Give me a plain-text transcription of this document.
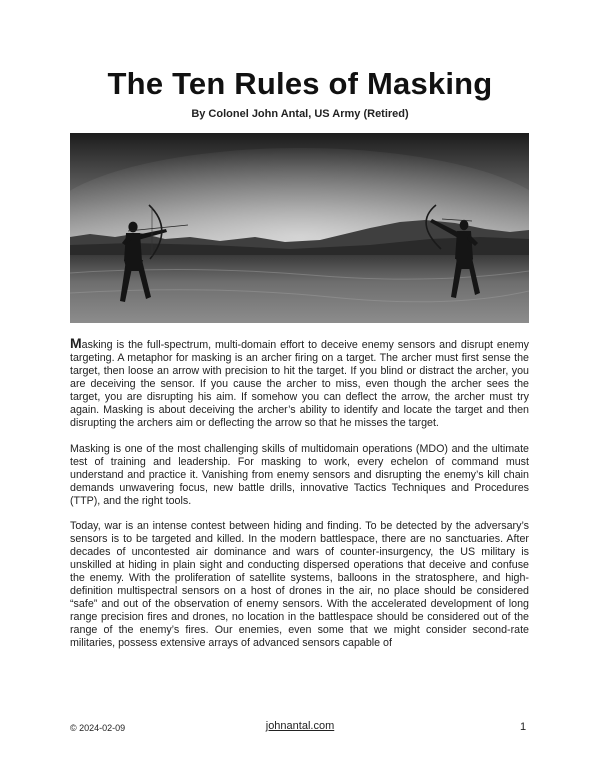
The Ten Rules of Masking
By Colonel John Antal, US Army (Retired)

Masking is the full-spectrum, multi-domain effort to deceive enemy sensors and disrupt enemy targeting. A metaphor for masking is an archer firing on a target. The archer must first sense the target, then loose an arrow with precision to hit the target. If you blind or distract the archer, you are deceiving the sensor. If you cause the archer to miss, even though the archer sees the target, you are disrupting his aim. If somehow you can deflect the arrow, the archer must try again. Masking is about deceiving the archer’s ability to identify and locate the target and then disrupting the archers aim or deflecting the arrow so that he misses the target.

Masking is one of the most challenging skills of multidomain operations (MDO) and the ultimate test of training and leadership. For masking to work, every echelon of command must understand and practice it. Vanishing from enemy sensors and disrupting the enemy’s kill chain demands unwavering focus, new battle drills, innovative Tactics Techniques and Procedures (TTP), and the right tools.

Today, war is an intense contest between hiding and finding. To be detected by the adversary’s sensors is to be targeted and killed. In the modern battlespace, there are no sanctuaries. After decades of uncontested air dominance and wars of counter-insurgency, the US military is unskilled at hiding in plain sight and conducting dispersed operations that deceive and confuse the enemy. With the proliferation of satellite systems, balloons in the stratosphere, and high-definition multispectral sensors on a host of drones in the air, no place should be considered “safe” and out of the observation of enemy sensors. With the accelerated development of long range precision fires and drones, no location in the battlespace should be considered out of the range of the enemy’s fires. Our enemies, even some that we might consider second-rate militaries, possess extensive arrays of advanced sensors capable of

© 2024-02-09	johnantal.com	1
